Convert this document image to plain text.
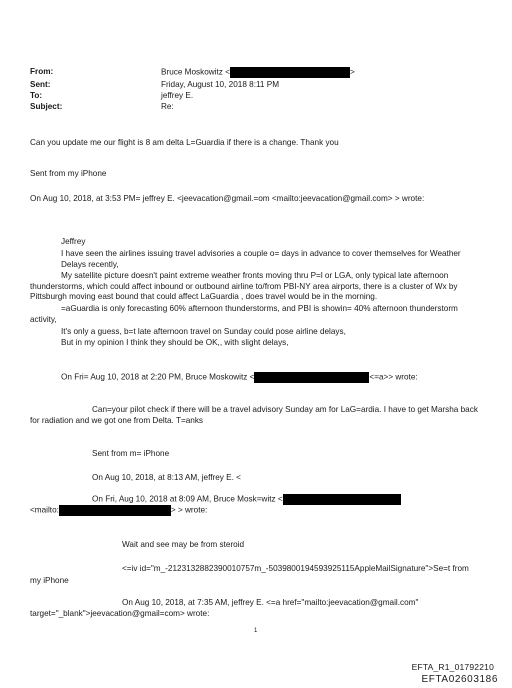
From:	Bruce Moskowitz <	>
Sent:	Friday, August 10, 2018 8:11 PM
To:	jeffrey E.
Subject:	Re:
Can you update me our flight is 8 am delta L=Guardia if there is a change. Thank you
Sent from my iPhone
On Aug 10, 2018, at 3:53 PM= jeffrey E. <jeevacation@gmail.=om <mailto:jeevacation@gmail.com> > wrote:
Jeffrey
I have seen the airlines issuing travel advisories a couple o= days in advance to cover themselves for Weather Delays recently,
My satellite picture doesn't paint extreme weather fronts moving thru P=l or LGA, only typical late afternoon thunderstorms, which could affect inbound or outbound airline to/from PBI-NY area airports, there is a cluster of Wx by Pittsburgh moving east bound that could affect LaGuardia , does travel would be in the morning.
=aGuardia is only forecasting 60% afternoon thunderstorms, and PBI is showin= 40% afternoon thunderstorm activity,
It's only a guess, b=t late afternoon travel on Sunday could pose airline delays,
But in my opinion I think they should be OK,, with slight delays,
On Fri= Aug 10, 2018 at 2:20 PM, Bruce Moskowitz <	<=a>> wrote:
Can=your pilot check if there will be a travel advisory Sunday am for LaG=ardia. I have to get Marsha back for radiation and we got one from Delta. T=anks
Sent from m= iPhone
On Aug 10, 2018, at 8:13 AM, jeffrey E. <
On Fri, Aug 10, 2018 at 8:09 AM, Bruce Mosk=witz <
<mailto:	> > wrote:
Wait and see may be from steroid
<=iv id="m_-2123132882390010757m_-5039800194593925115AppleMailSignature">Se=t from
my iPhone
On Aug 10, 2018, at 7:35 AM, jeffrey E. <=a href="mailto:jeevacation@gmail.com"
target="_blank">jeevacation@gmail=com> wrote:
1
EFTA_R1_01792210
EFTA02603186
